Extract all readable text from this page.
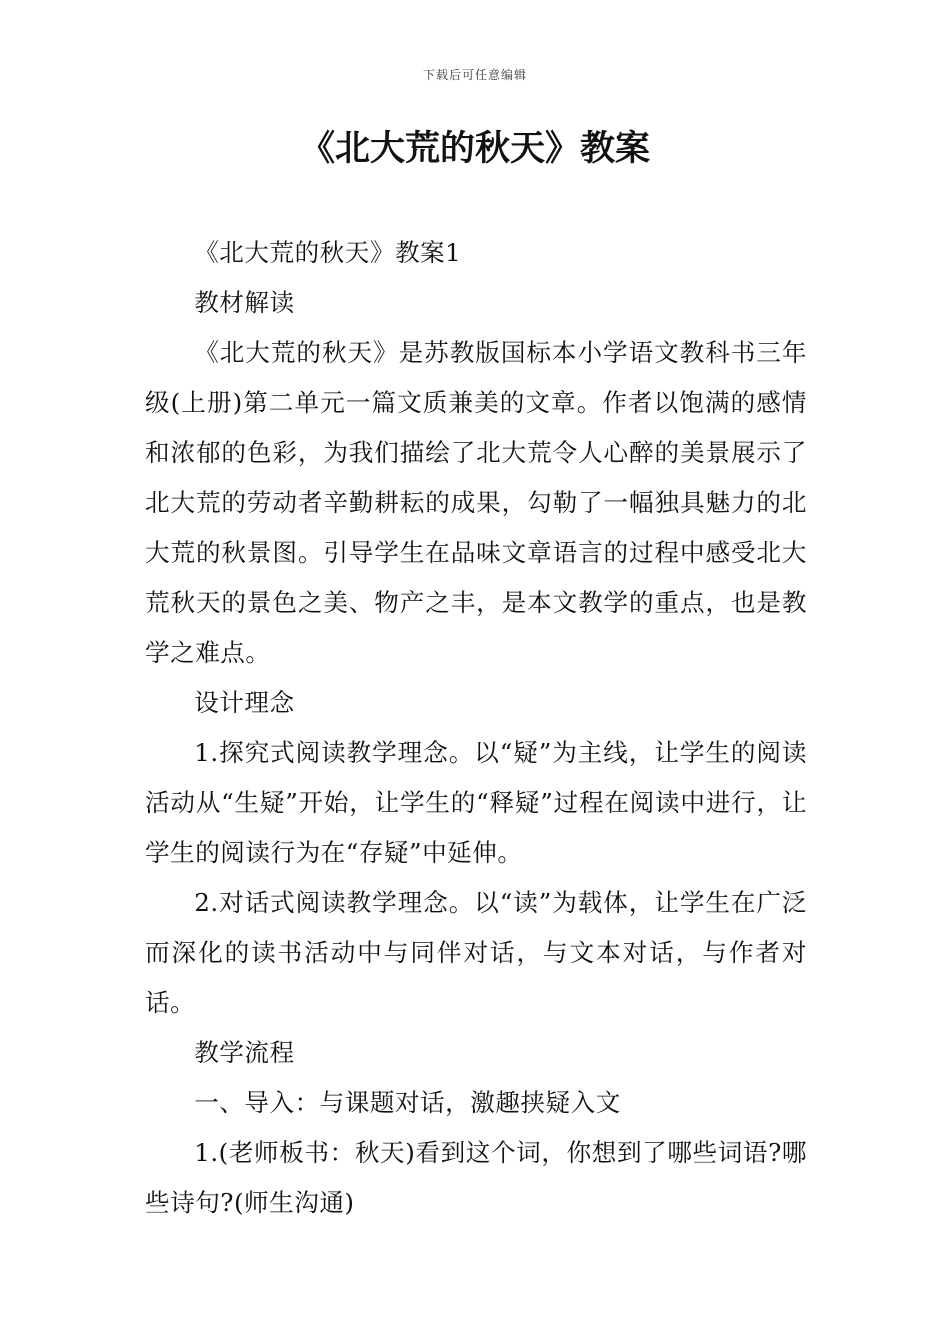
下载后可任意编辑
《北大荒的秋天》教案

《北大荒的秋天》教案1

教材解读

《北大荒的秋天》是苏教版国标本小学语文教科书三年级(上册)第二单元一篇文质兼美的文章。作者以饱满的感情和浓郁的色彩，为我们描绘了北大荒令人心醉的美景展示了北大荒的劳动者辛勤耕耘的成果，勾勒了一幅独具魅力的北大荒的秋景图。引导学生在品味文章语言的过程中感受北大荒秋天的景色之美、物产之丰，是本文教学的重点，也是教学之难点。

设计理念

1.探究式阅读教学理念。以“疑”为主线，让学生的阅读活动从“生疑”开始，让学生的“释疑”过程在阅读中进行，让学生的阅读行为在“存疑”中延伸。

2.对话式阅读教学理念。以“读”为载体，让学生在广泛而深化的读书活动中与同伴对话，与文本对话，与作者对话。

教学流程

一、导入：与课题对话，激趣挟疑入文

1.(老师板书：秋天)看到这个词，你想到了哪些词语?哪些诗句?(师生沟通)
